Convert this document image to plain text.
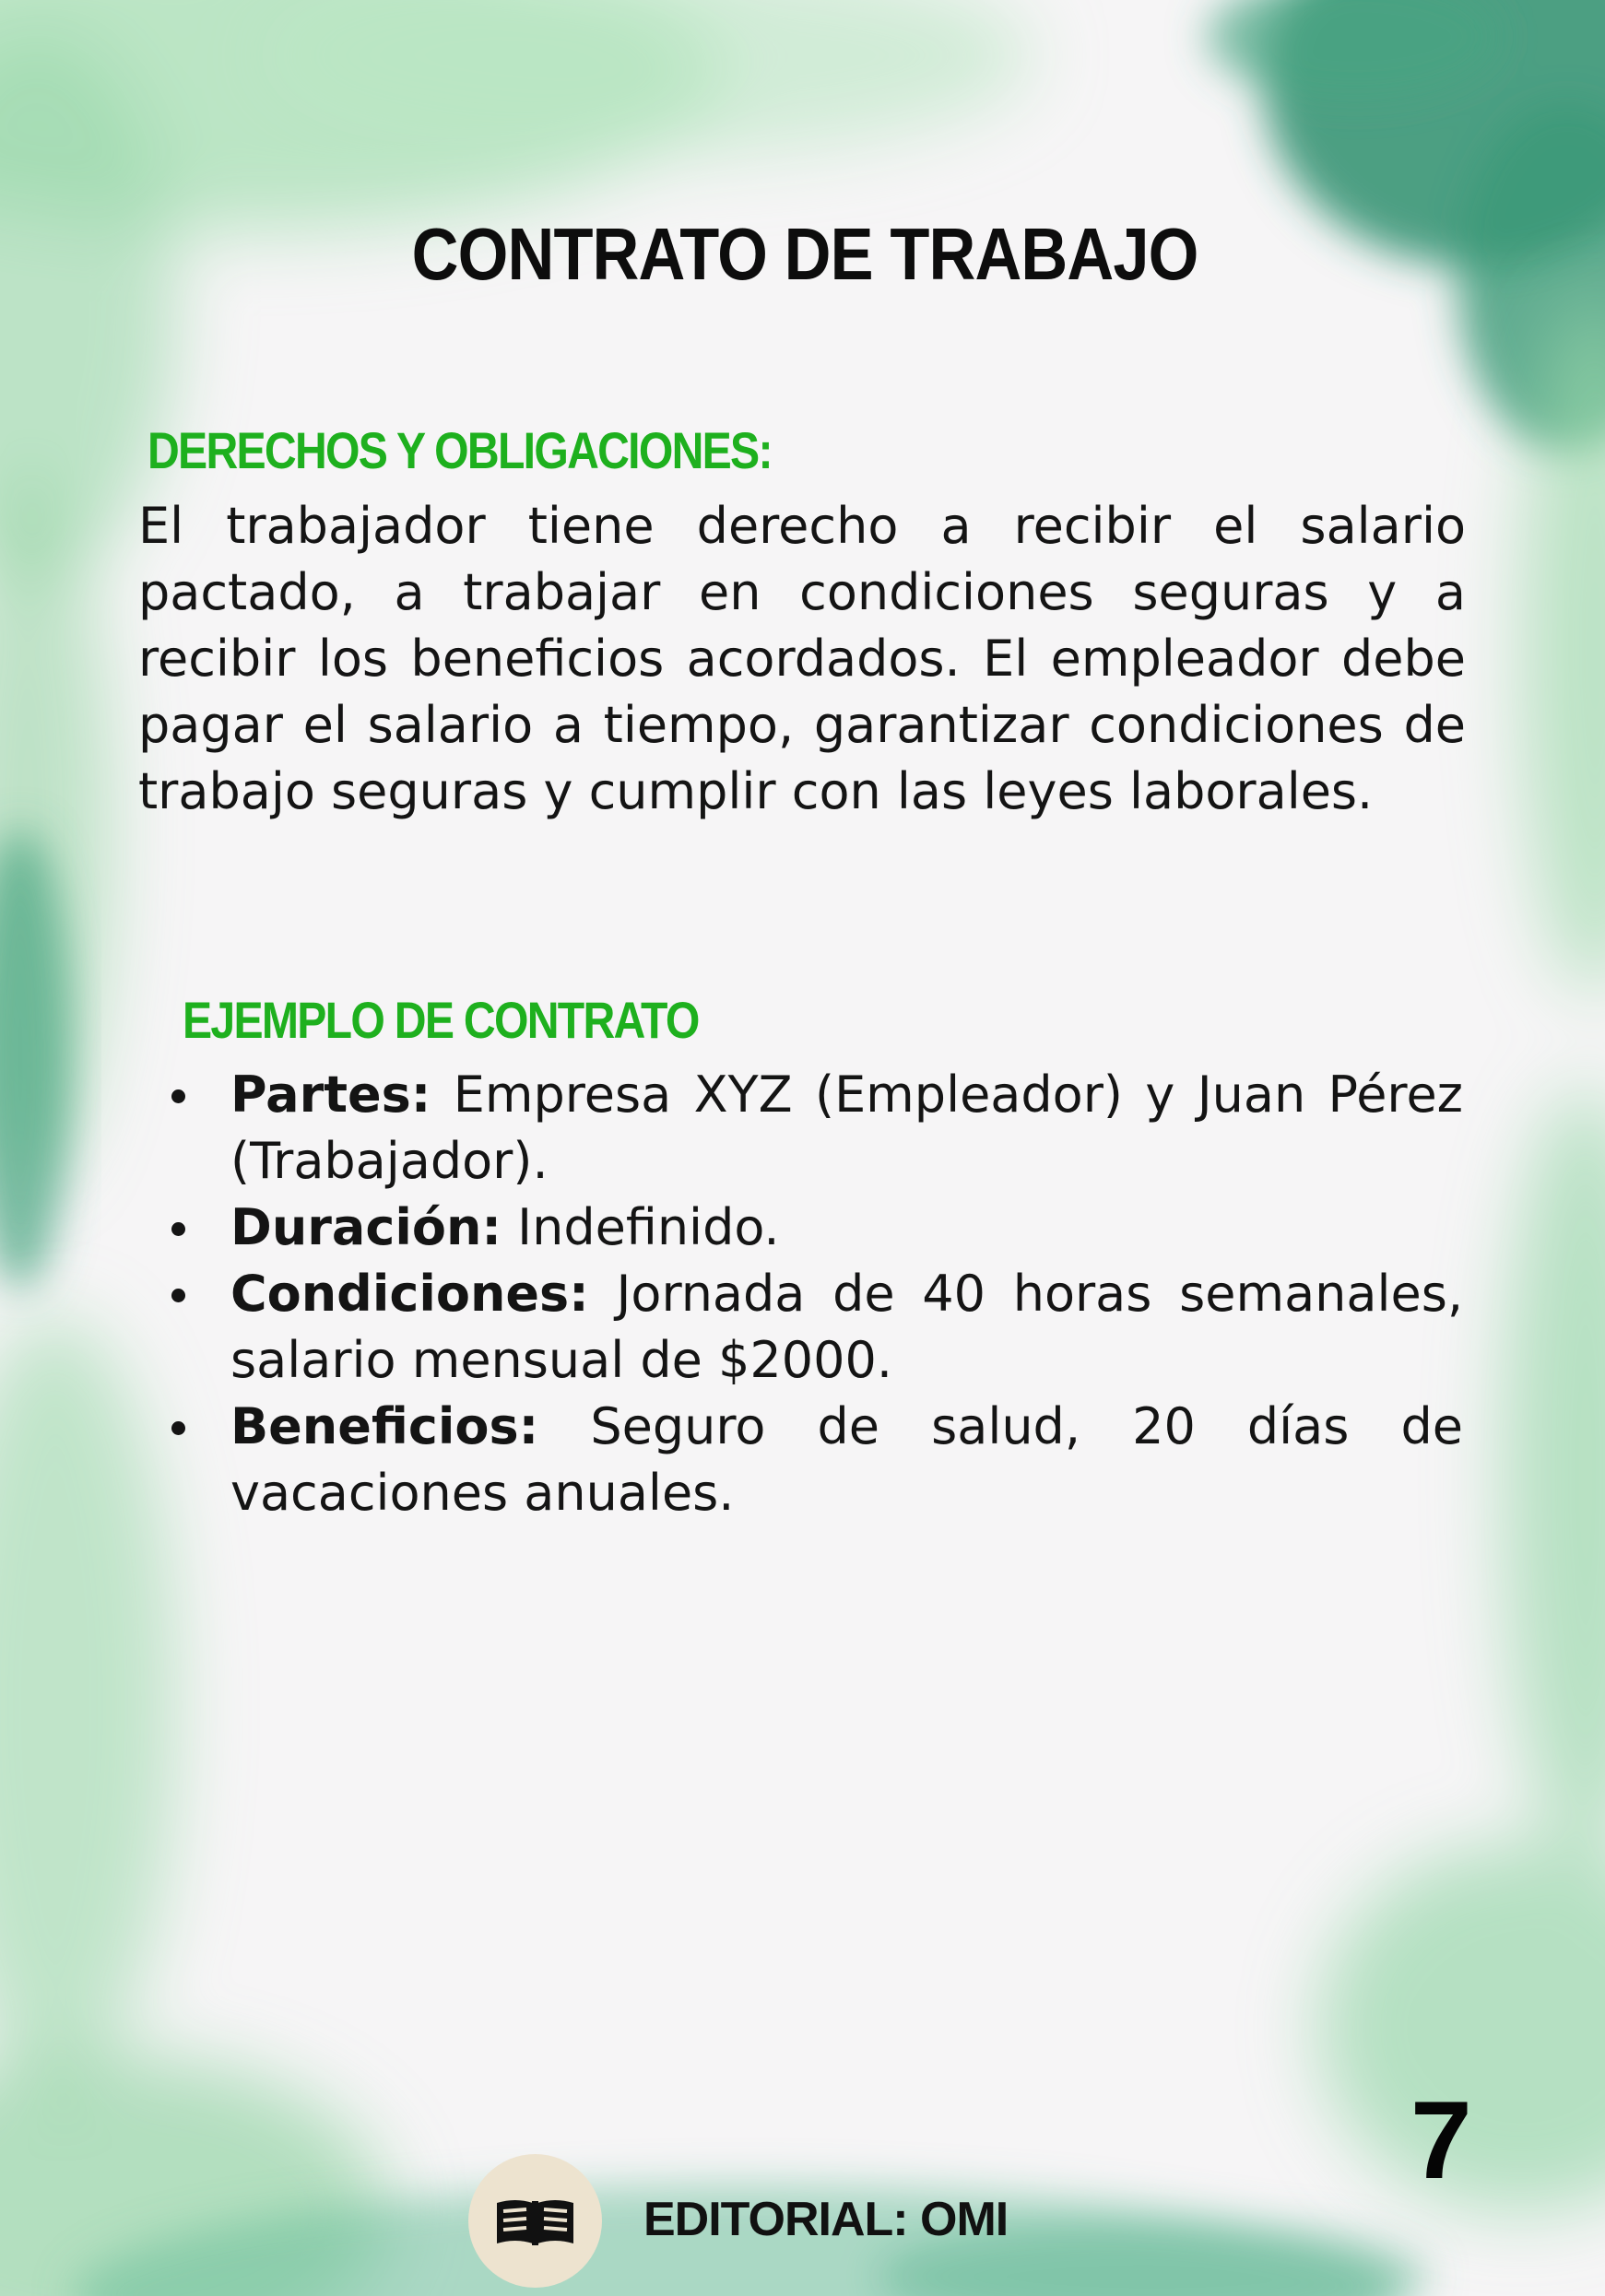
CONTRATO DE TRABAJO
DERECHOS Y OBLIGACIONES:

El trabajador tiene derecho a recibir el salario pactado, a trabajar en condiciones seguras y a recibir los beneficios acordados. El empleador debe pagar el salario a tiempo, garantizar condiciones de trabajo seguras y cumplir con las leyes laborales.

EJEMPLO DE CONTRATO
Partes: Empresa XYZ (Empleador) y Juan Pérez (Trabajador).
Duración: Indefinido.
Condiciones: Jornada de 40 horas semanales, salario mensual de $2000.
Beneficios: Seguro de salud, 20 días de vacaciones anuales.
EDITORIAL: OMI
7
